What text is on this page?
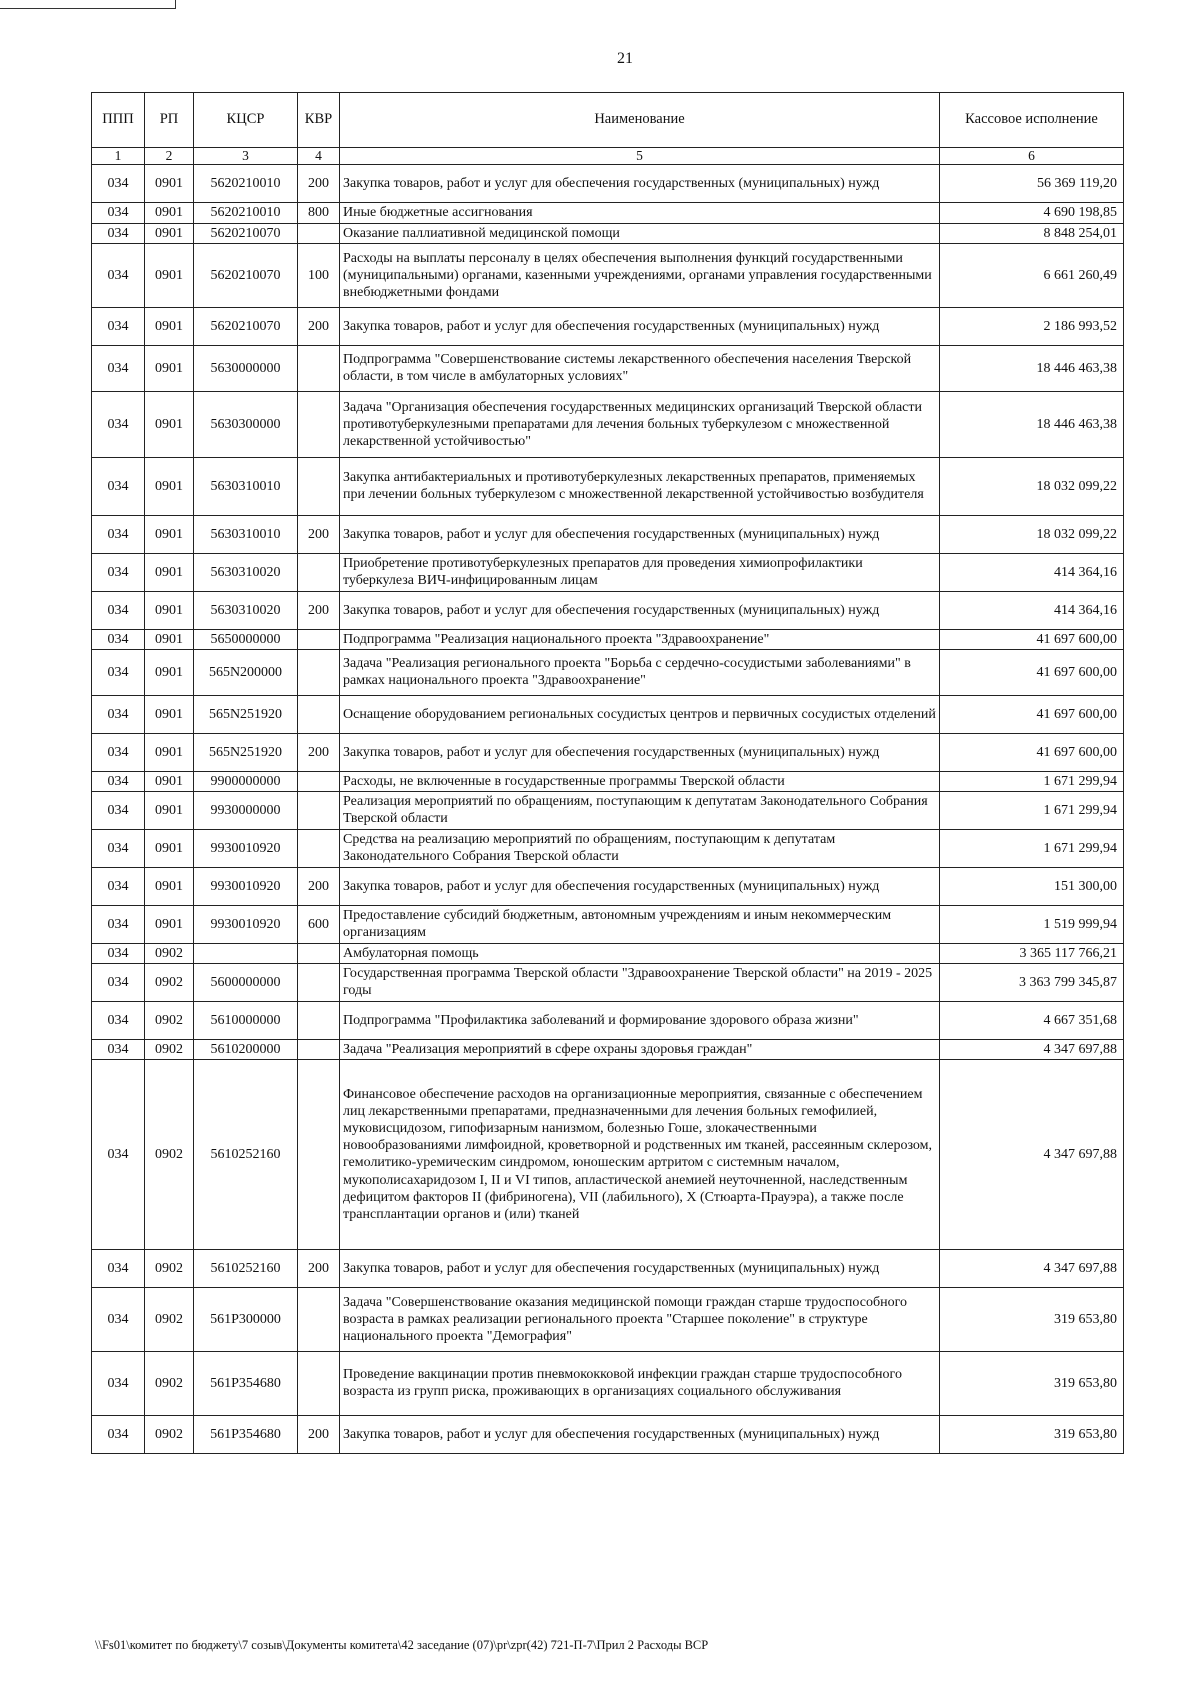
21
ППП	РП	КЦСР	КВР	Наименование	Кассовое исполнение
1	2	3	4	5	6
034	0901	5620210010	200	Закупка товаров, работ и услуг для обеспечения государственных (муниципальных) нужд	56 369 119,20
034	0901	5620210010	800	Иные бюджетные ассигнования	4 690 198,85
034	0901	5620210070		Оказание паллиативной медицинской помощи	8 848 254,01
034	0901	5620210070	100	Расходы на выплаты персоналу в целях обеспечения выполнения функций государственными (муниципальными) органами, казенными учреждениями, органами управления государственными внебюджетными фондами	6 661 260,49
034	0901	5620210070	200	Закупка товаров, работ и услуг для обеспечения государственных (муниципальных) нужд	2 186 993,52
034	0901	5630000000		Подпрограмма "Совершенствование системы лекарственного обеспечения населения Тверской области, в том числе в амбулаторных условиях"	18 446 463,38
034	0901	5630300000		Задача "Организация обеспечения государственных медицинских организаций Тверской области противотуберкулезными препаратами для лечения больных туберкулезом с множественной лекарственной устойчивостью"	18 446 463,38
034	0901	5630310010		Закупка антибактериальных и противотуберкулезных лекарственных препаратов, применяемых при лечении больных туберкулезом с множественной лекарственной устойчивостью возбудителя	18 032 099,22
034	0901	5630310010	200	Закупка товаров, работ и услуг для обеспечения государственных (муниципальных) нужд	18 032 099,22
034	0901	5630310020		Приобретение противотуберкулезных препаратов для проведения химиопрофилактики туберкулеза ВИЧ-инфицированным лицам	414 364,16
034	0901	5630310020	200	Закупка товаров, работ и услуг для обеспечения государственных (муниципальных) нужд	414 364,16
034	0901	5650000000		Подпрограмма "Реализация национального проекта "Здравоохранение"	41 697 600,00
034	0901	565N200000		Задача "Реализация регионального проекта "Борьба с сердечно-сосудистыми заболеваниями" в рамках национального проекта "Здравоохранение"	41 697 600,00
034	0901	565N251920		Оснащение оборудованием региональных сосудистых центров и первичных сосудистых отделений	41 697 600,00
034	0901	565N251920	200	Закупка товаров, работ и услуг для обеспечения государственных (муниципальных) нужд	41 697 600,00
034	0901	9900000000		Расходы, не включенные в государственные программы Тверской области	1 671 299,94
034	0901	9930000000		Реализация мероприятий по обращениям, поступающим к депутатам Законодательного Собрания Тверской области	1 671 299,94
034	0901	9930010920		Средства на реализацию мероприятий по обращениям, поступающим к депутатам Законодательного Собрания Тверской области	1 671 299,94
034	0901	9930010920	200	Закупка товаров, работ и услуг для обеспечения государственных (муниципальных) нужд	151 300,00
034	0901	9930010920	600	Предоставление субсидий бюджетным, автономным учреждениям и иным некоммерческим организациям	1 519 999,94
034	0902			Амбулаторная помощь	3 365 117 766,21
034	0902	5600000000		Государственная программа Тверской области "Здравоохранение Тверской области" на 2019 - 2025 годы	3 363 799 345,87
034	0902	5610000000		Подпрограмма "Профилактика заболеваний и формирование здорового образа жизни"	4 667 351,68
034	0902	5610200000		Задача "Реализация мероприятий в сфере охраны здоровья граждан"	4 347 697,88
034	0902	5610252160		Финансовое обеспечение расходов на организационные мероприятия, связанные с обеспечением лиц лекарственными препаратами, предназначенными для лечения больных гемофилией, муковисцидозом, гипофизарным нанизмом, болезнью Гоше, злокачественными новообразованиями лимфоидной, кроветворной и родственных им тканей, рассеянным склерозом, гемолитико-уремическим синдромом, юношеским артритом с системным началом, мукополисахаридозом I, II и VI типов, апластической анемией неуточненной, наследственным дефицитом факторов II (фибриногена), VII (лабильного), X (Стюарта-Прауэра), а также после трансплантации органов и (или) тканей	4 347 697,88
034	0902	5610252160	200	Закупка товаров, работ и услуг для обеспечения государственных (муниципальных) нужд	4 347 697,88
034	0902	561P300000		Задача "Совершенствование оказания медицинской помощи граждан старше трудоспособного возраста в рамках реализации регионального проекта "Старшее поколение" в структуре национального проекта "Демография"	319 653,80
034	0902	561P354680		Проведение вакцинации против пневмококковой инфекции граждан старше трудоспособного возраста из групп риска, проживающих в организациях социального обслуживания	319 653,80
034	0902	561P354680	200	Закупка товаров, работ и услуг для обеспечения государственных (муниципальных) нужд	319 653,80
\\Fs01\комитет по бюджету\7 созыв\Документы комитета\42 заседание (07)\pr\zpr(42) 721-П-7\Прил 2 Расходы ВСР
